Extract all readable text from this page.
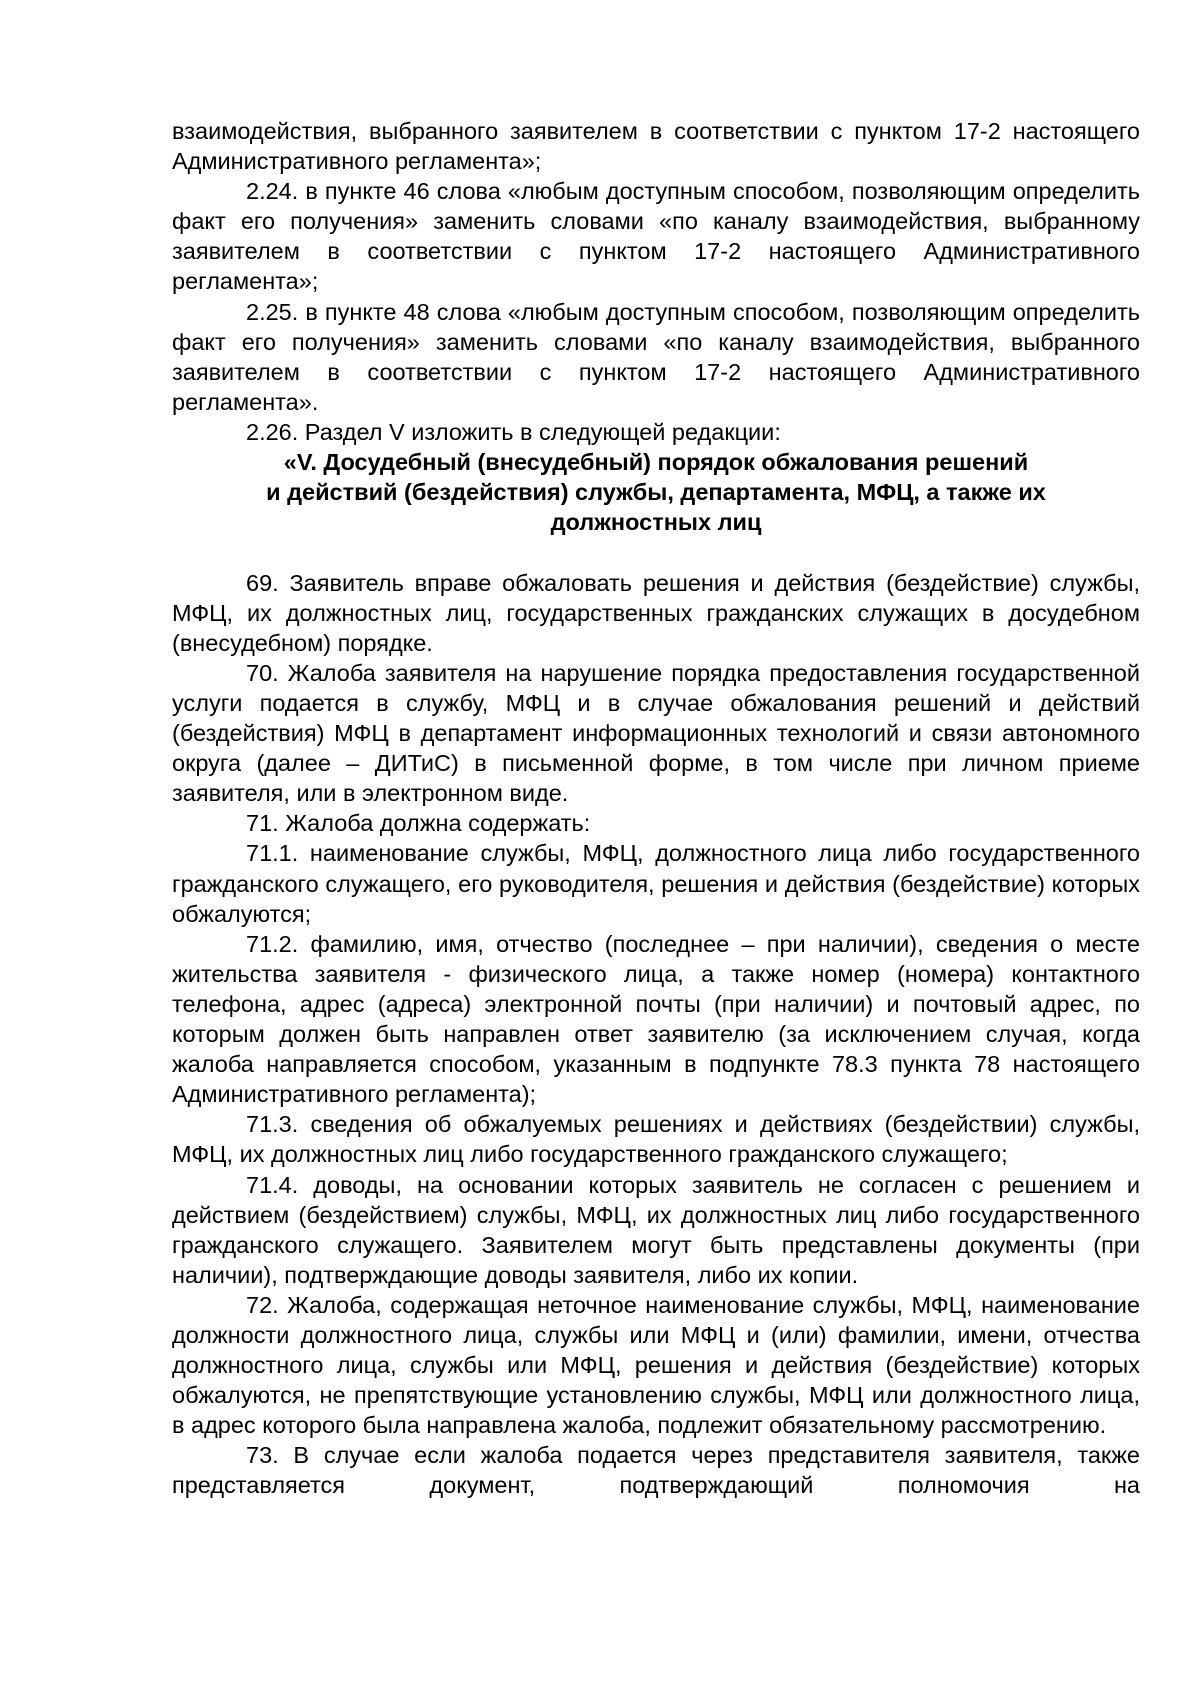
взаимодействия, выбранного заявителем в соответствии с пунктом 17-2 настоящего Административного регламента»;

2.24. в пункте 46 слова «любым доступным способом, позволяющим определить факт его получения» заменить словами «по каналу взаимодействия, выбранному заявителем в соответствии с пунктом 17-2 настоящего Административного регламента»;

2.25. в пункте 48 слова «любым доступным способом, позволяющим определить факт его получения» заменить словами «по каналу взаимодействия, выбранного заявителем в соответствии с пунктом 17-2 настоящего Административного регламента».

2.26. Раздел V изложить в следующей редакции:

«V. Досудебный (внесудебный) порядок обжалования решений
и действий (бездействия) службы, департамента, МФЦ, а также их
должностных лиц

69. Заявитель вправе обжаловать решения и действия (бездействие) службы, МФЦ, их должностных лиц, государственных гражданских служащих в досудебном (внесудебном) порядке.

70. Жалоба заявителя на нарушение порядка предоставления государственной услуги подается в службу, МФЦ и в случае обжалования решений и действий (бездействия) МФЦ в департамент информационных технологий и связи автономного округа (далее – ДИТиС) в письменной форме, в том числе при личном приеме заявителя, или в электронном виде.

71. Жалоба должна содержать:

71.1. наименование службы, МФЦ, должностного лица либо государственного гражданского служащего, его руководителя, решения и действия (бездействие) которых обжалуются;

71.2. фамилию, имя, отчество (последнее – при наличии), сведения о месте жительства заявителя - физического лица, а также номер (номера) контактного телефона, адрес (адреса) электронной почты (при наличии) и почтовый адрес, по которым должен быть направлен ответ заявителю (за исключением случая, когда жалоба направляется способом, указанным в подпункте 78.3 пункта 78 настоящего Административного регламента);

71.3. сведения об обжалуемых решениях и действиях (бездействии) службы, МФЦ, их должностных лиц либо государственного гражданского служащего;

71.4. доводы, на основании которых заявитель не согласен с решением и действием (бездействием) службы, МФЦ, их должностных лиц либо государственного гражданского служащего. Заявителем могут быть представлены документы (при наличии), подтверждающие доводы заявителя, либо их копии.

72. Жалоба, содержащая неточное наименование службы, МФЦ, наименование должности должностного лица, службы или МФЦ и (или) фамилии, имени, отчества должностного лица, службы или МФЦ, решения и действия (бездействие) которых обжалуются, не препятствующие установлению службы, МФЦ или должностного лица, в адрес которого была направлена жалоба, подлежит обязательному рассмотрению.

73. В случае если жалоба подается через представителя заявителя, также представляется документ, подтверждающий полномочия на
